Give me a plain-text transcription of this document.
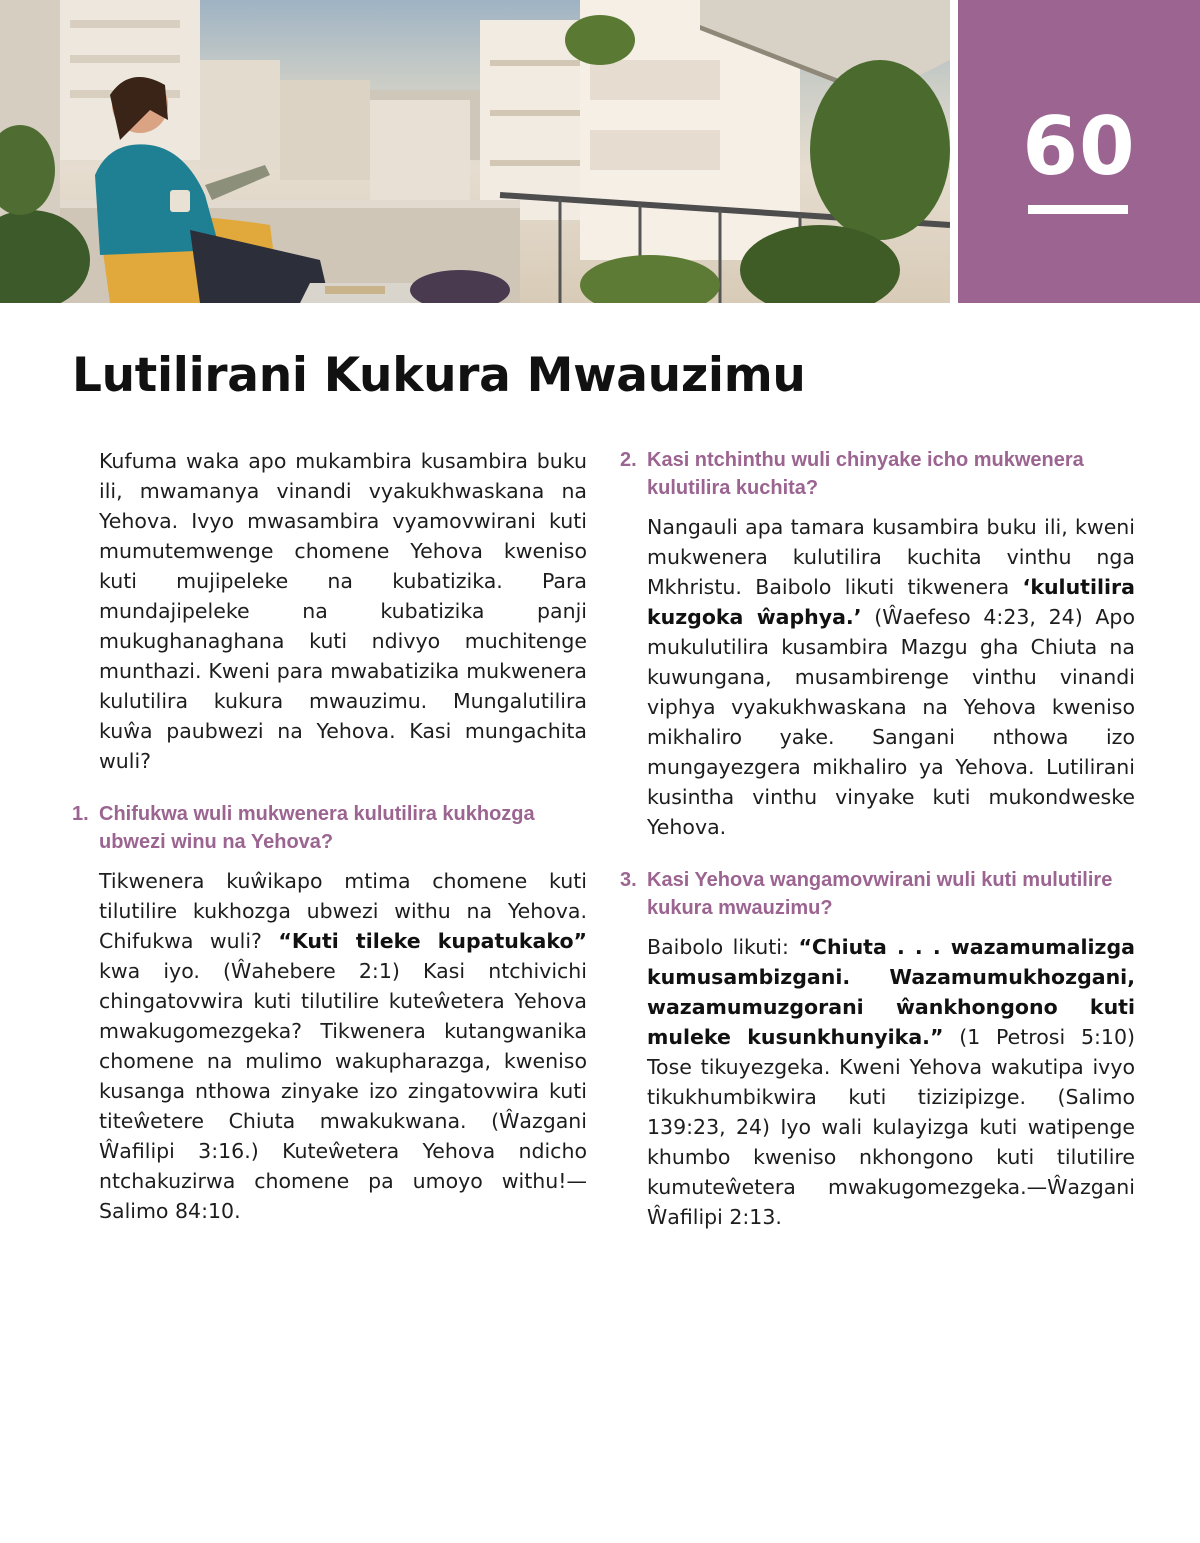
60
Lutilirani Kukura Mwauzimu

Kufuma waka apo mukambira kusambira buku ili, mwamanya vinandi vyakukhwaskana na Yehova. Ivyo mwasambira vyamovwirani kuti mumutemwenge chomene Yehova kweniso kuti mujipeleke na kubatizika. Para mundajipeleke na kubatizika panji mukughanaghana kuti ndivyo muchitenge munthazi. Kweni para mwabatizika mukwenera kulutilira kukura mwauzimu. Mungalutilira kuŵa paubwezi na Yehova. Kasi mungachita wuli?

1. Chifukwa wuli mukwenera kulutilira kukhozga ubwezi winu na Yehova?

Tikwenera kuŵikapo mtima chomene kuti tilutilire kukhozga ubwezi withu na Yehova. Chifukwa wuli? “Kuti tileke kupatukako” kwa iyo. (Ŵahebere 2:1) Kasi ntchivichi chingatovwira kuti tilutilire kuteŵetera Yehova mwakugomezgeka? Tikwenera kutangwanika chomene na mulimo wakupharazga, kweniso kusanga nthowa zinyake izo zingatovwira kuti titeŵetere Chiuta mwakukwana. (Ŵazgani Ŵafilipi 3:16.) Kuteŵetera Yehova ndicho ntchakuzirwa chomene pa umoyo withu!—Salimo 84:10.

2. Kasi ntchinthu wuli chinyake icho mukwenera kulutilira kuchita?

Nangauli apa tamara kusambira buku ili, kweni mukwenera kulutilira kuchita vinthu nga Mkhristu. Baibolo likuti tikwenera ‘kulutilira kuzgoka ŵaphya.’ (Ŵaefeso 4:23, 24) Apo mukulutilira kusambira Mazgu gha Chiuta na kuwungana, musambirenge vinthu vinandi viphya vyakukhwaskana na Yehova kweniso mikhaliro yake. Sangani nthowa izo mungayezgera mikhaliro ya Yehova. Lutilirani kusintha vinthu vinyake kuti mukondweske Yehova.

3. Kasi Yehova wangamovwirani wuli kuti mulutilire kukura mwauzimu?

Baibolo likuti: “Chiuta . . . wazamumalizga kumusambizgani. Wazamumukhozgani, wazamumuzgorani ŵankhongono kuti muleke kusunkhunyika.” (1 Petrosi 5:10) Tose tikuyezgeka. Kweni Yehova wakutipa ivyo tikukhumbikwira kuti tizizipizge. (Salimo 139:23, 24) Iyo wali kulayizga kuti watipenge khumbo kweniso nkhongono kuti tilutilire kumuteŵetera mwakugomezgeka.—Ŵazgani Ŵafilipi 2:13.
